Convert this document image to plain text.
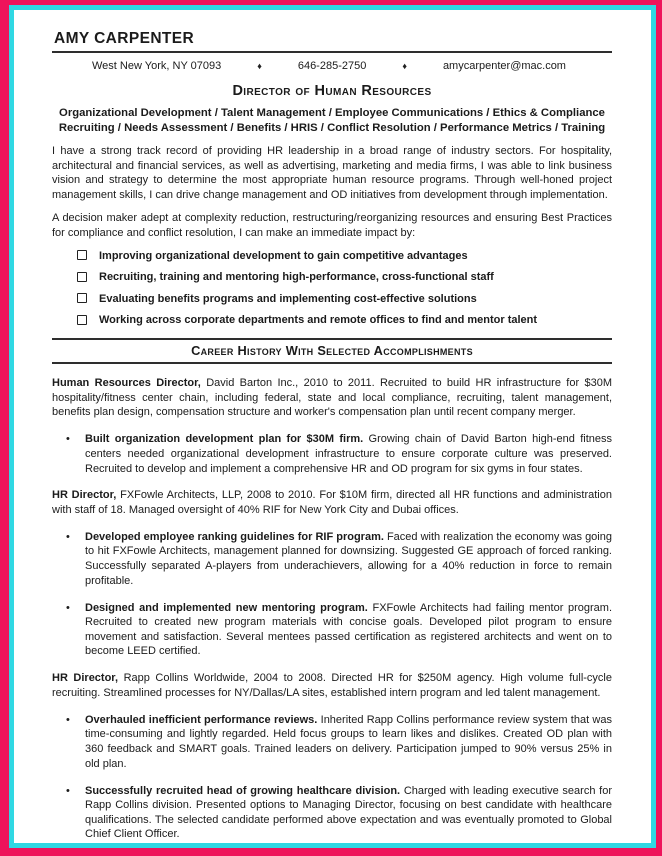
AMY CARPENTER
West New York, NY 07093	♦	646-285-2750	♦	amycarpenter@mac.com
Director of Human Resources
Organizational Development / Talent Management / Employee Communications / Ethics & Compliance
Recruiting / Needs Assessment / Benefits / HRIS / Conflict Resolution / Performance Metrics / Training

I have a strong track record of providing HR leadership in a broad range of industry sectors. For hospitality, architectural and financial services, as well as advertising, marketing and media firms, I was able to link business vision and strategy to determine the most appropriate human resource programs. Through well-honed project management skills, I can drive change management and OD initiatives from development through implementation.

A decision maker adept at complexity reduction, restructuring/reorganizing resources and ensuring Best Practices for compliance and conflict resolution, I can make an immediate impact by:

Improving organizational development to gain competitive advantages
Recruiting, training and mentoring high-performance, cross-functional staff
Evaluating benefits programs and implementing cost-effective solutions
Working across corporate departments and remote offices to find and mentor talent
Career History With Selected Accomplishments

Human Resources Director, David Barton Inc., 2010 to 2011. Recruited to build HR infrastructure for $30M hospitality/fitness center chain, including federal, state and local compliance, recruiting, talent management, benefits plan design, compensation structure and worker's compensation plan until recent company merger.

•	Built organization development plan for $30M firm. Growing chain of David Barton high-end fitness centers needed organizational development infrastructure to ensure corporate culture was preserved. Recruited to develop and implement a comprehensive HR and OD program for six gyms in four states.

HR Director, FXFowle Architects, LLP, 2008 to 2010. For $10M firm, directed all HR functions and administration with staff of 18. Managed oversight of 40% RIF for New York City and Dubai offices.

•	Developed employee ranking guidelines for RIF program. Faced with realization the economy was going to hit FXFowle Architects, management planned for downsizing. Suggested GE approach of forced ranking. Successfully separated A-players from underachievers, allowing for a 40% reduction in force to remain profitable.
•	Designed and implemented new mentoring program. FXFowle Architects had failing mentor program. Recruited to created new program materials with concise goals. Developed pilot program to ensure movement and satisfaction. Several mentees passed certification as registered architects and went on to become LEED certified.

HR Director, Rapp Collins Worldwide, 2004 to 2008. Directed HR for $250M agency. High volume full-cycle recruiting. Streamlined processes for NY/Dallas/LA sites, established intern program and led talent management.

•	Overhauled inefficient performance reviews. Inherited Rapp Collins performance review system that was time-consuming and lightly regarded. Held focus groups to learn likes and dislikes. Created OD plan with 360 feedback and SMART goals. Trained leaders on delivery. Participation jumped to 90% versus 25% in old plan.
•	Successfully recruited head of growing healthcare division. Charged with leading executive search for Rapp Collins division. Presented options to Managing Director, focusing on best candidate with healthcare qualifications. The selected candidate performed above expectation and was eventually promoted to Global Chief Client Officer.
